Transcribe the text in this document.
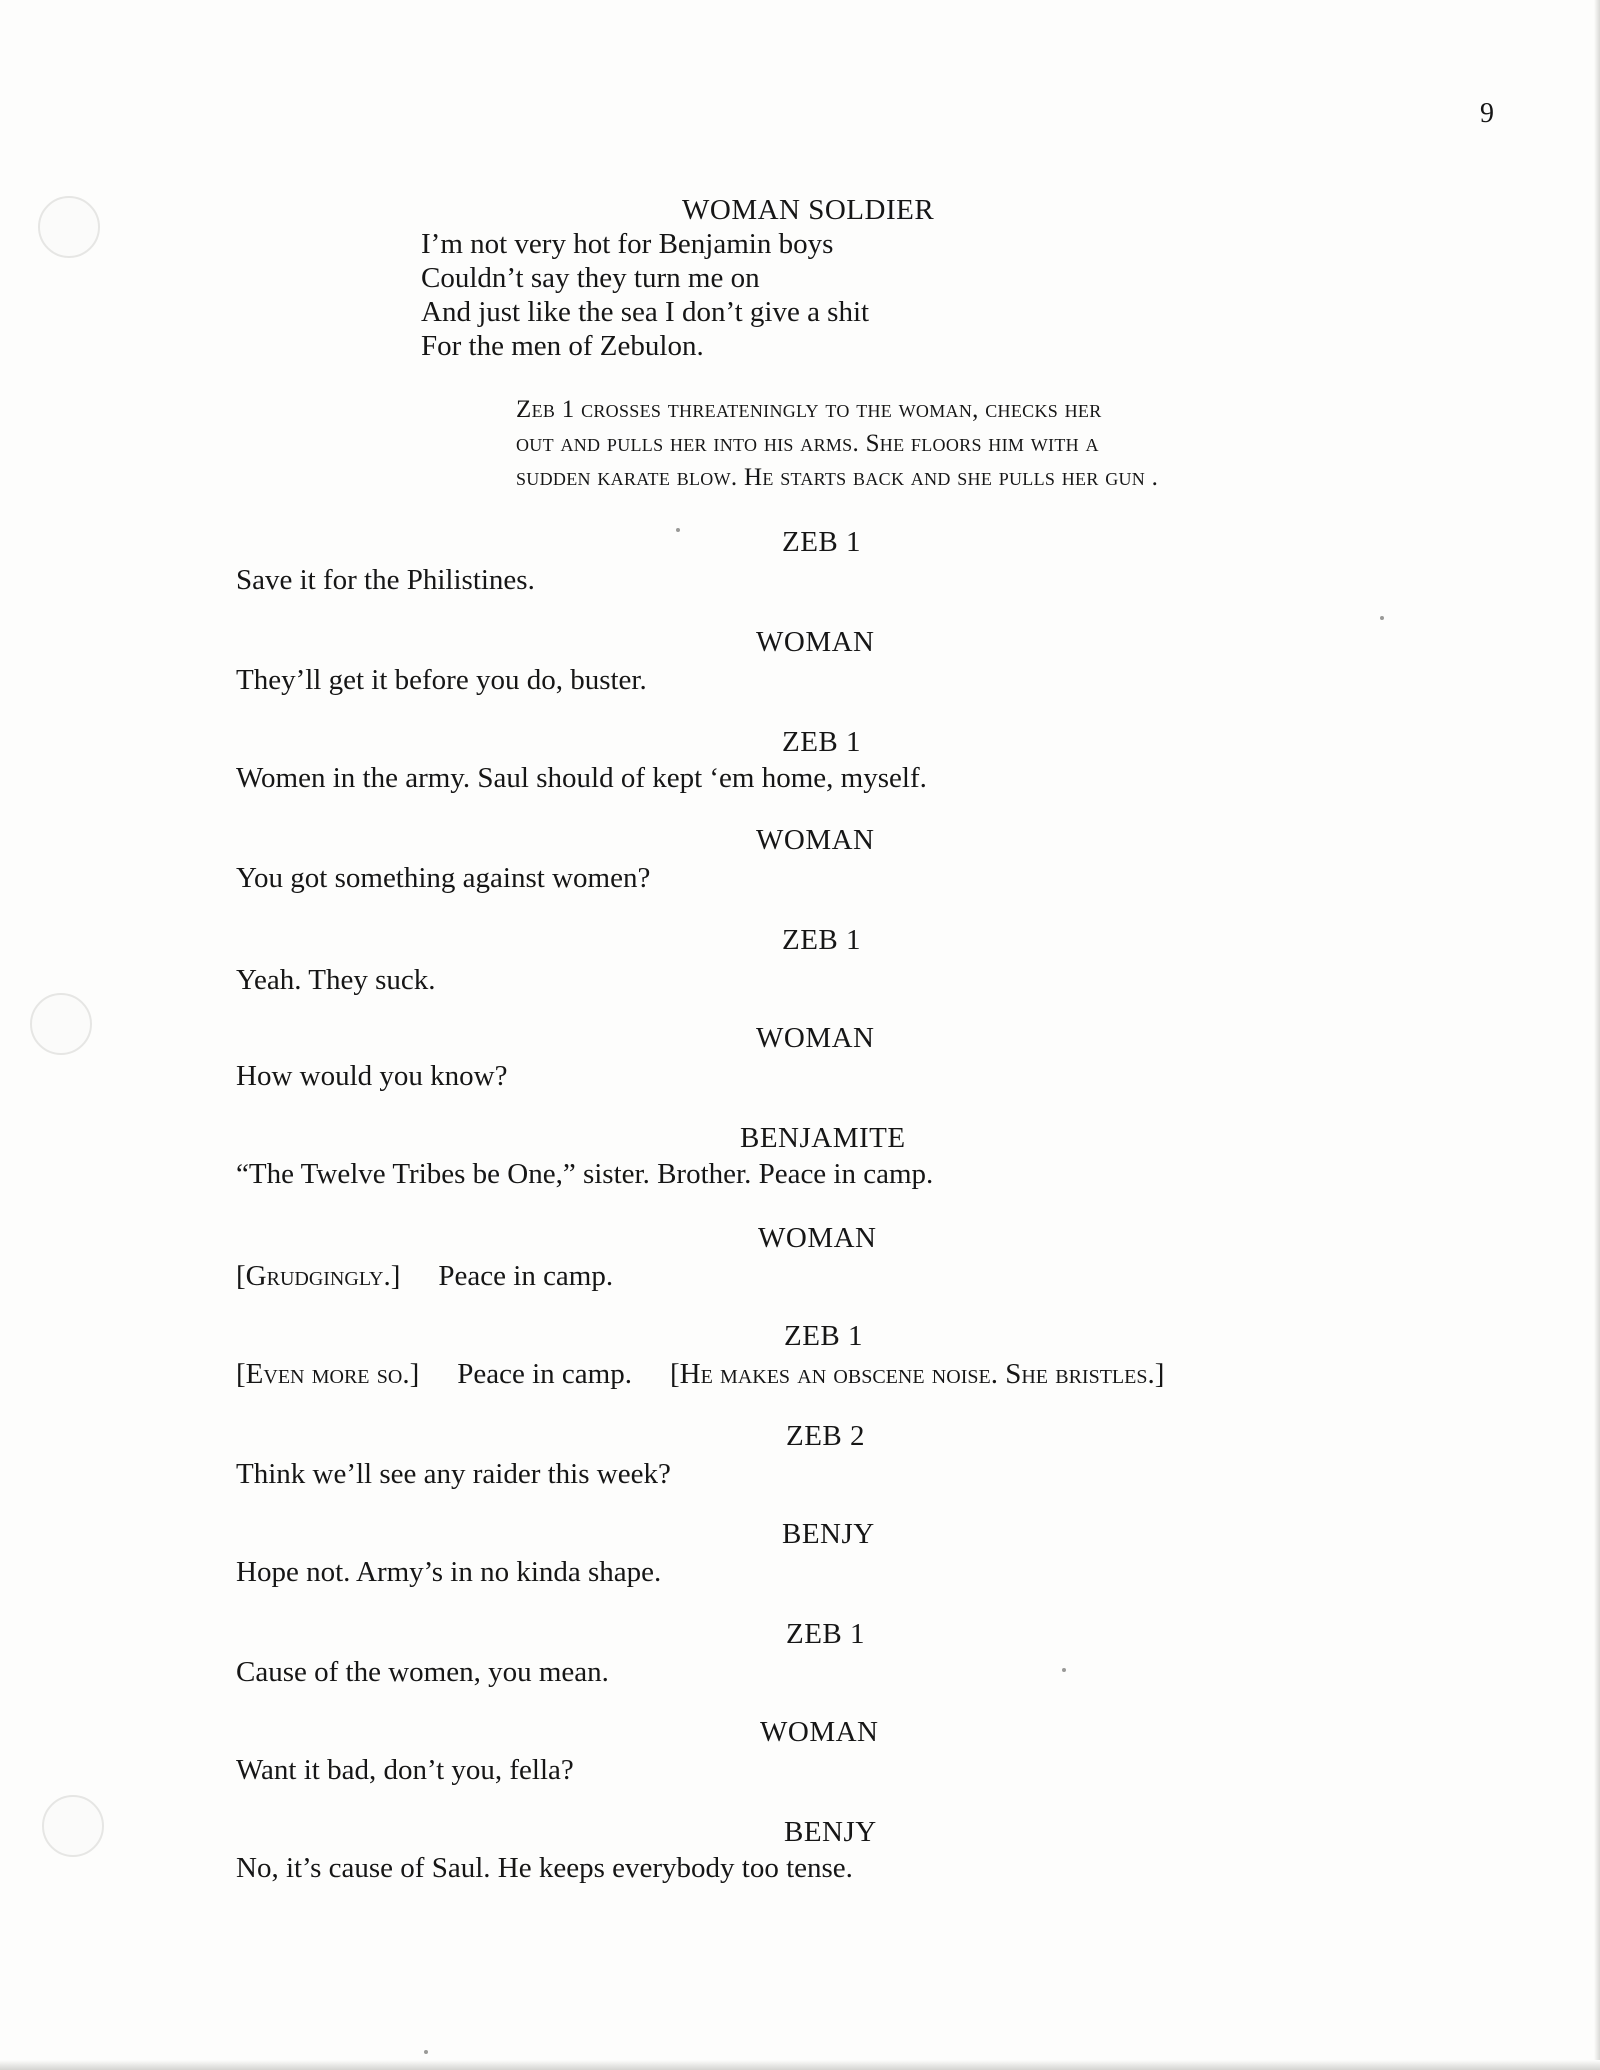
9
WOMAN SOLDIER
I’m not very hot for Benjamin boys
Couldn’t say they turn me on
And just like the sea I don’t give a shit
For the men of Zebulon.
Zeb 1 crosses threateningly to the woman, checks her
out and pulls her into his arms. She floors him with a
sudden karate blow. He starts back and she pulls her gun .
ZEB 1
Save it for the Philistines.
WOMAN
They’ll get it before you do, buster.
ZEB 1
Women in the army. Saul should of kept ‘em home, myself.
WOMAN
You got something against women?
ZEB 1
Yeah. They suck.
WOMAN
How would you know?
BENJAMITE
“The Twelve Tribes be One,” sister. Brother. Peace in camp.
WOMAN
[Grudgingly.] Peace in camp.
ZEB 1
[Even more so.] Peace in camp. [He makes an obscene noise. She bristles.]
ZEB 2
Think we’ll see any raider this week?
BENJY
Hope not. Army’s in no kinda shape.
ZEB 1
Cause of the women, you mean.
WOMAN
Want it bad, don’t you, fella?
BENJY
No, it’s cause of Saul. He keeps everybody too tense.
